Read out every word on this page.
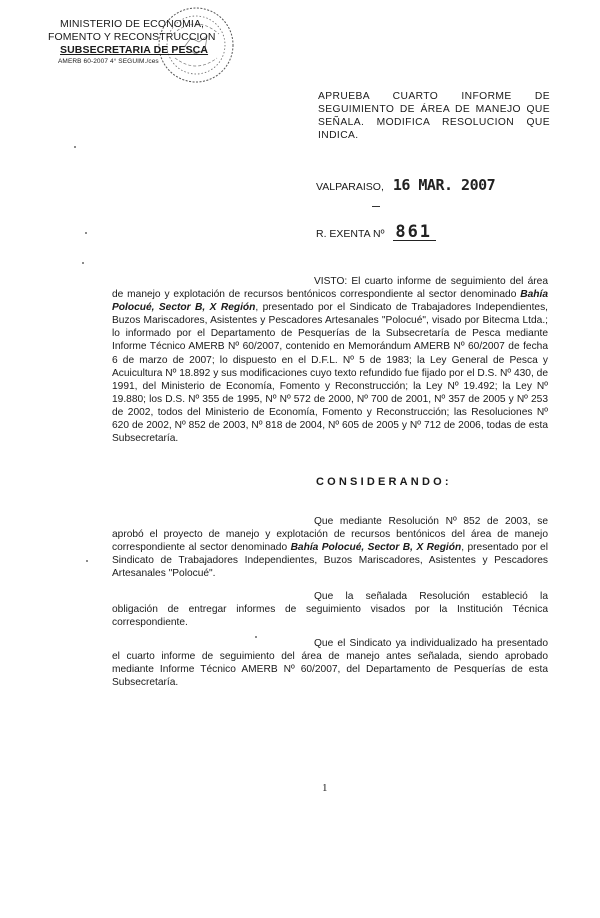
MINISTERIO DE ECONOMIA,
FOMENTO Y RECONSTRUCCION
SUBSECRETARIA DE PESCA
AMERB 60-2007 4° SEGUIM./ces
APRUEBA CUARTO INFORME DE SEGUIMIENTO DE ÁREA DE MANEJO QUE SEÑALA. MODIFICA RESOLUCION QUE INDICA.
VALPARAISO, 16 MAR. 2007
R. EXENTA Nº 861
VISTO: El cuarto informe de seguimiento del área de manejo y explotación de recursos bentónicos correspondiente al sector denominado Bahía Polocué, Sector B, X Región, presentado por el Sindicato de Trabajadores Independientes, Buzos Mariscadores, Asistentes y Pescadores Artesanales "Polocué", visado por Bitecma Ltda.; lo informado por el Departamento de Pesquerías de la Subsecretaría de Pesca mediante Informe Técnico AMERB Nº 60/2007, contenido en Memorándum AMERB Nº 60/2007 de fecha 6 de marzo de 2007; lo dispuesto en el D.F.L. Nº 5 de 1983; la Ley General de Pesca y Acuicultura Nº 18.892 y sus modificaciones cuyo texto refundido fue fijado por el D.S. Nº 430, de 1991, del Ministerio de Economía, Fomento y Reconstrucción; la Ley Nº 19.492; la Ley Nº 19.880; los D.S. Nº 355 de 1995, Nº Nº 572 de 2000, Nº 700 de 2001, Nº 357 de 2005 y Nº 253 de 2002, todos del Ministerio de Economía, Fomento y Reconstrucción; las Resoluciones Nº 620 de 2002, Nº 852 de 2003, Nº 818 de 2004, Nº 605 de 2005 y Nº 712 de 2006, todas de esta Subsecretaría.
CONSIDERANDO:
Que mediante Resolución Nº 852 de 2003, se aprobó el proyecto de manejo y explotación de recursos bentónicos del área de manejo correspondiente al sector denominado Bahía Polocué, Sector B, X Región, presentado por el Sindicato de Trabajadores Independientes, Buzos Mariscadores, Asistentes y Pescadores Artesanales "Polocué".
Que la señalada Resolución estableció la obligación de entregar informes de seguimiento visados por la Institución Técnica correspondiente.
Que el Sindicato ya individualizado ha presentado el cuarto informe de seguimiento del área de manejo antes señalada, siendo aprobado mediante Informe Técnico AMERB Nº 60/2007, del Departamento de Pesquerías de esta Subsecretaría.
1
